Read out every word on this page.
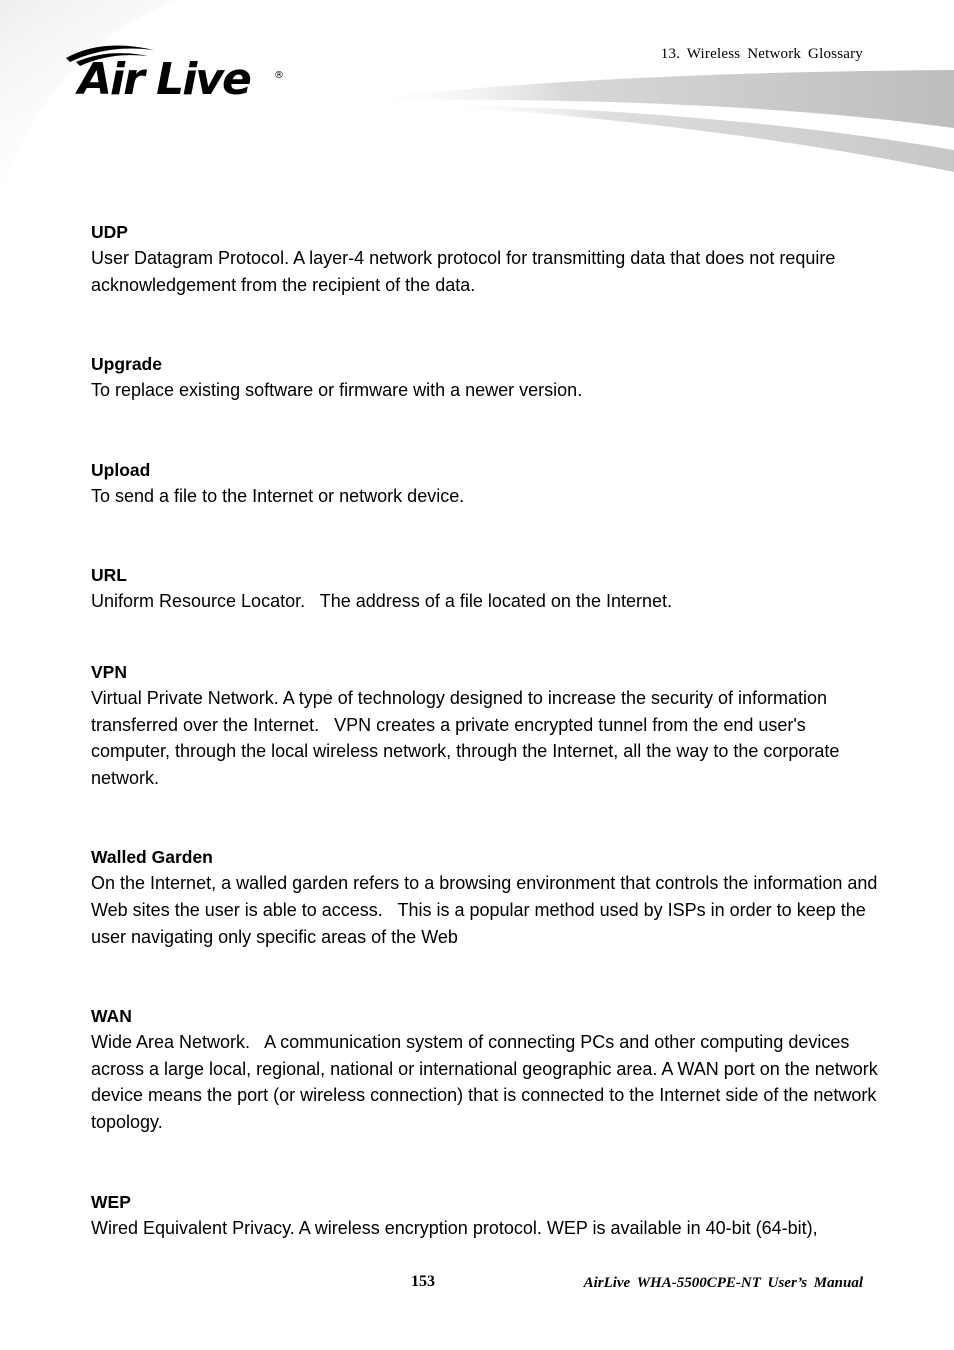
Air Live ®
13. Wireless Network Glossary

UDP

User Datagram Protocol. A layer-4 network protocol for transmitting data that does not require acknowledgement from the recipient of the data.

Upgrade

To replace existing software or firmware with a newer version.

Upload

To send a file to the Internet or network device.

URL

Uniform Resource Locator.   The address of a file located on the Internet.

VPN

Virtual Private Network. A type of technology designed to increase the security of information transferred over the Internet.   VPN creates a private encrypted tunnel from the end user's computer, through the local wireless network, through the Internet, all the way to the corporate network.

Walled Garden

On the Internet, a walled garden refers to a browsing environment that controls the information and Web sites the user is able to access.   This is a popular method used by ISPs in order to keep the user navigating only specific areas of the Web

WAN

Wide Area Network.   A communication system of connecting PCs and other computing devices across a large local, regional, national or international geographic area. A WAN port on the network device means the port (or wireless connection) that is connected to the Internet side of the network topology.

WEP

Wired Equivalent Privacy. A wireless encryption protocol. WEP is available in 40-bit (64-bit),

153	AirLive WHA-5500CPE-NT User’s Manual
